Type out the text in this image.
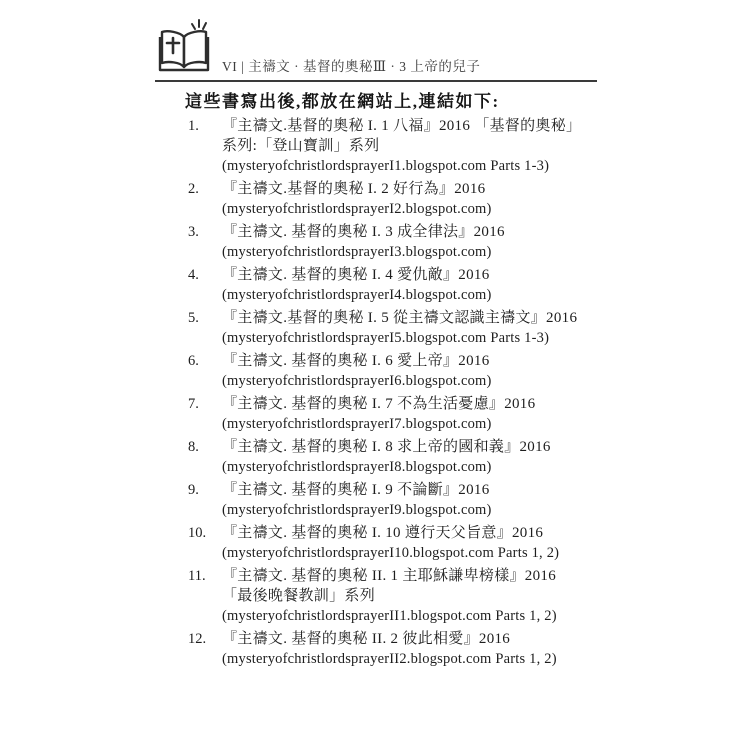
VI | 主禱文 · 基督的奧秘Ⅲ · 3 上帝的兒子
這些書寫出後,都放在網站上,連結如下:
1.	『主禱文.基督的奧秘 I. 1 八福』2016 「基督的奧秘」
系列:「登山寶訓」系列
(mysteryofchristlordsprayerI1.blogspot.com Parts 1-3)
2.	『主禱文.基督的奧秘 I. 2 好行為』2016
(mysteryofchristlordsprayerI2.blogspot.com)
3.	『主禱文. 基督的奧秘 I. 3 成全律法』2016
(mysteryofchristlordsprayerI3.blogspot.com)
4.	『主禱文. 基督的奧秘 I. 4 愛仇敵』2016
(mysteryofchristlordsprayerI4.blogspot.com)
5.	『主禱文.基督的奧秘 I. 5 從主禱文認識主禱文』2016
(mysteryofchristlordsprayerI5.blogspot.com Parts 1-3)
6.	『主禱文. 基督的奧秘 I. 6 愛上帝』2016
(mysteryofchristlordsprayerI6.blogspot.com)
7.	『主禱文. 基督的奧秘 I. 7 不為生活憂慮』2016
(mysteryofchristlordsprayerI7.blogspot.com)
8.	『主禱文. 基督的奧秘 I. 8 求上帝的國和義』2016
(mysteryofchristlordsprayerI8.blogspot.com)
9.	『主禱文. 基督的奧秘 I. 9 不論斷』2016
(mysteryofchristlordsprayerI9.blogspot.com)
10.	『主禱文. 基督的奧秘 I. 10 遵行天父旨意』2016
(mysteryofchristlordsprayerI10.blogspot.com Parts 1, 2)
11.	『主禱文. 基督的奧秘 II. 1 主耶穌謙卑榜樣』2016
「最後晚餐教訓」系列
(mysteryofchristlordsprayerII1.blogspot.com Parts 1, 2)
12.	『主禱文. 基督的奧秘 II. 2 彼此相愛』2016
(mysteryofchristlordsprayerII2.blogspot.com Parts 1, 2)
